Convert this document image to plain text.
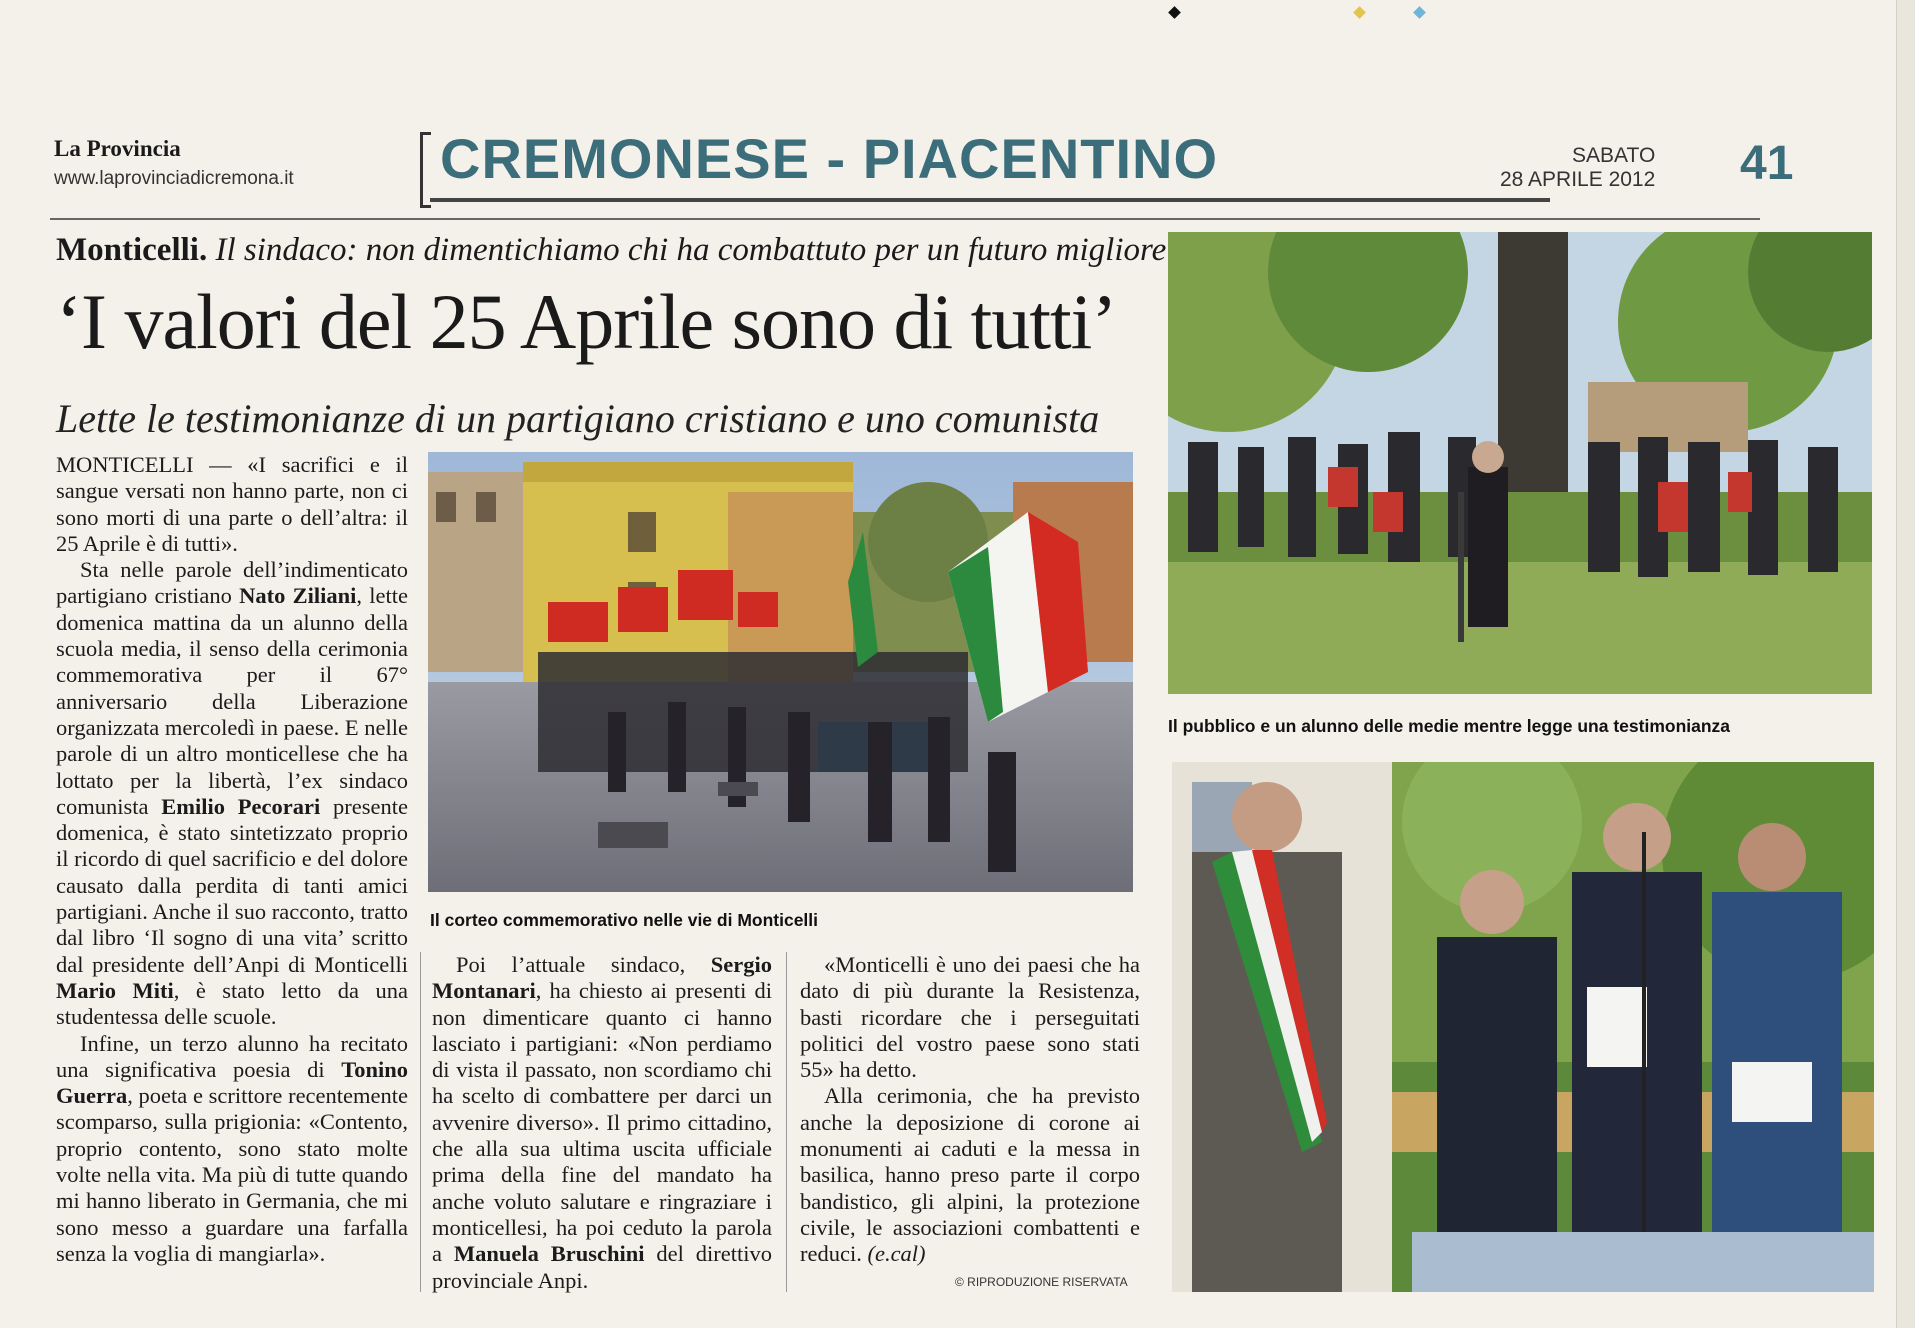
La Provincia
www.laprovinciadicremona.it	CREMONESE - PIACENTINO	SABATO
28 APRILE 2012 41
Monticelli. Il sindaco: non dimentichiamo chi ha combattuto per un futuro migliore
‘I valori del 25 Aprile sono di tutti’
Lette le testimonianze di un partigiano cristiano e uno comunista

MONTICELLI — «I sacrifici e il sangue versati non hanno parte, non ci sono morti di una parte o dell’altra: il 25 Aprile è di tutti».

Sta nelle parole dell’indimenticato partigiano cristiano Nato Ziliani, lette domenica mattina da un alunno della scuola media, il senso della cerimonia commemorativa per il 67° anniversario della Liberazione organizzata mercoledì in paese. E nelle parole di un altro monticellese che ha lottato per la libertà, l’ex sindaco comunista Emilio Pecorari presente domenica, è stato sintetizzato proprio il ricordo di quel sacrificio e del dolore causato dalla perdita di tanti amici partigiani. Anche il suo racconto, tratto dal libro ‘Il sogno di una vita’ scritto dal presidente dell’Anpi di Monticelli Mario Miti, è stato letto da una studentessa delle scuole.

Infine, un terzo alunno ha recitato una significativa poesia di Tonino Guerra, poeta e scrittore recentemente scomparso, sulla prigionia: «Contento, proprio contento, sono stato molte volte nella vita. Ma più di tutte quando mi hanno liberato in Germania, che mi sono messo a guardare una farfalla senza la voglia di mangiarla».

Poi l’attuale sindaco, Sergio Montanari, ha chiesto ai presenti di non dimenticare quanto ci hanno lasciato i partigiani: «Non perdiamo di vista il passato, non scordiamo chi ha scelto di combattere per darci un avvenire diverso». Il primo cittadino, che alla sua ultima uscita ufficiale prima della fine del mandato ha anche voluto salutare e ringraziare i monticellesi, ha poi ceduto la parola a Manuela Bruschini del direttivo provinciale Anpi.

«Monticelli è uno dei paesi che ha dato di più durante la Resistenza, basti ricordare che i perseguitati politici del vostro paese sono stati 55» ha detto.

Alla cerimonia, che ha previsto anche la deposizione di corone ai monumenti ai caduti e la messa in basilica, hanno preso parte il corpo bandistico, gli alpini, la protezione civile, le associazioni combattenti e reduci. (e.cal)

© RIPRODUZIONE RISERVATA
Il corteo commemorativo nelle vie di Monticelli
Il pubblico e un alunno delle medie mentre legge una testimonianza
